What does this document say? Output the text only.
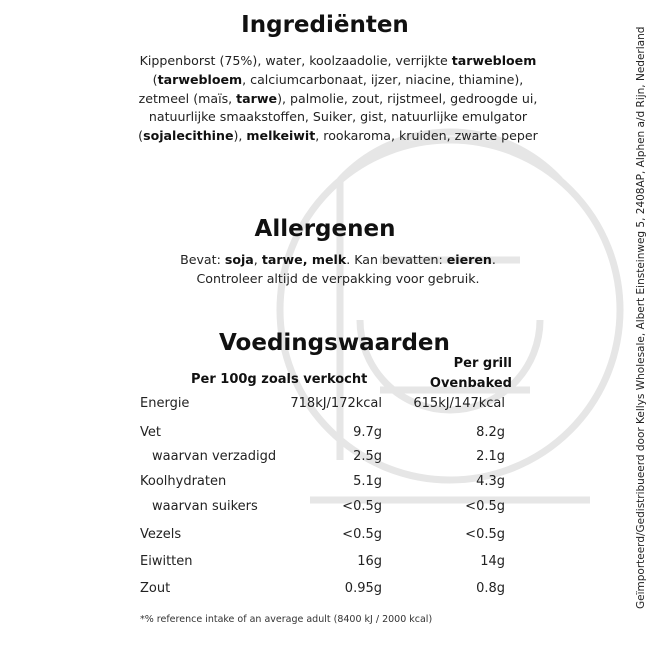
Ingrediënten

Kippenborst (75%), water, koolzaadolie, verrijkte tarwebloem (tarwebloem, calciumcarbonaat, ijzer, niacine, thiamine), zetmeel (maïs, tarwe), palmolie, zout, rijstmeel, gedroogde ui, natuurlijke smaakstoffen, Suiker, gist, natuurlijke emulgator (sojalecithine), melkeiwit, rookaroma, kruiden, zwarte peper

Allergenen

Bevat: soja, tarwe, melk. Kan bevatten: eieren.
Controleer altijd de verpakking voor gebruik.

Voedingswaarden
Per 100g zoals verkocht
Per grill
Ovenbaked
Energie	718kJ/172kcal	615kJ/147kcal
Vet	9.7g	8.2g
waarvan verzadigd	2.5g	2.1g
Koolhydraten	5.1g	4.3g
waarvan suikers	<0.5g	<0.5g
Vezels	<0.5g	<0.5g
Eiwitten	16g	14g
Zout	0.95g	0.8g

*% reference intake of an average adult (8400 kJ / 2000 kcal)

Geïmporteerd/Gedistribueerd door Kellys Wholesale, Albert Einsteinweg 5, 2408AP, Alphen a/d Rijn, Nederland
